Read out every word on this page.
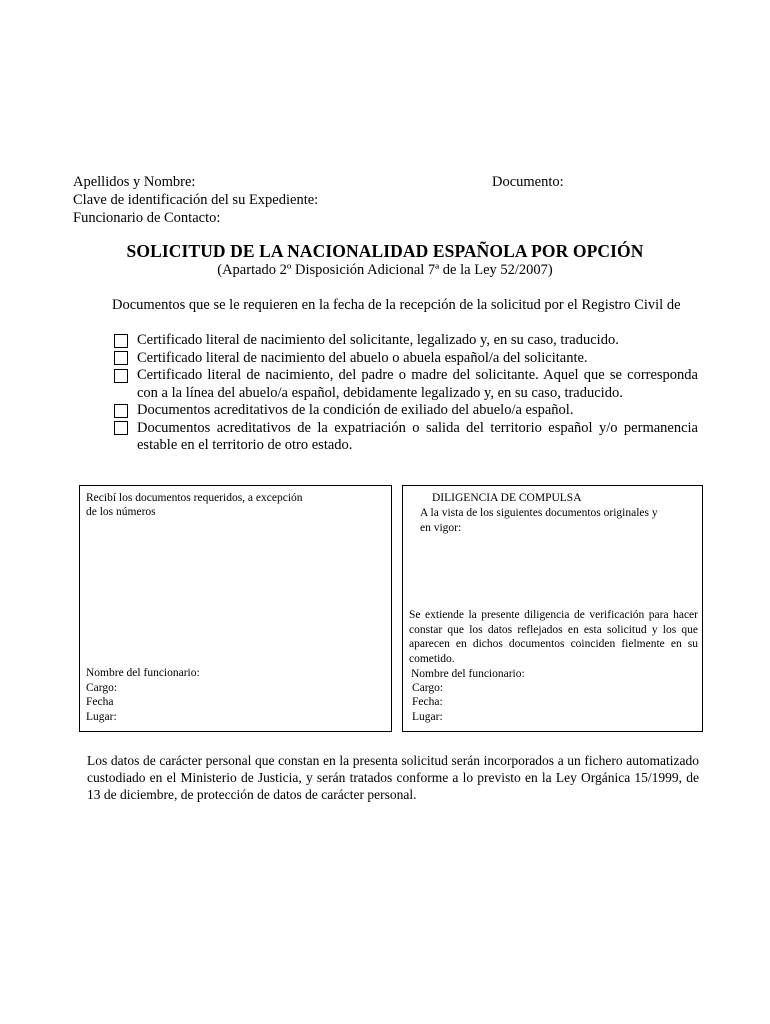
Apellidos y Nombre:	Documento:
Clave de identificación del su Expediente:
Funcionario de Contacto:
SOLICITUD DE LA NACIONALIDAD ESPAÑOLA POR OPCIÓN
(Apartado 2º Disposición Adicional 7ª de la Ley 52/2007)
Documentos que se le requieren en la fecha de la recepción de la solicitud por el Registro Civil de
Certificado literal de nacimiento del solicitante, legalizado y, en su caso, traducido.
Certificado literal de nacimiento del abuelo o abuela español/a del solicitante.
Certificado literal de nacimiento, del padre o madre del solicitante. Aquel que se corresponda con a la línea del abuelo/a español, debidamente legalizado y, en su caso, traducido.
Documentos acreditativos de la condición de exiliado del abuelo/a español.
Documentos acreditativos de la expatriación o salida del territorio español y/o permanencia estable en el territorio de otro estado.
Recibí los documentos requeridos, a excepción
de los números
Nombre del funcionario:
Cargo:
Fecha
Lugar:
DILIGENCIA DE COMPULSA
A la vista de los siguientes documentos originales y
en vigor:
Se extiende la presente diligencia de verificación para hacer constar que los datos reflejados en esta solicitud y los que aparecen en dichos documentos coinciden fielmente en su cometido.
Nombre del funcionario:
Cargo:
Fecha:
Lugar:
Los datos de carácter personal que constan en la presenta solicitud serán incorporados a un fichero automatizado custodiado en el Ministerio de Justicia, y serán tratados conforme a lo previsto en la Ley Orgánica 15/1999, de 13 de diciembre, de protección de datos de carácter personal.
